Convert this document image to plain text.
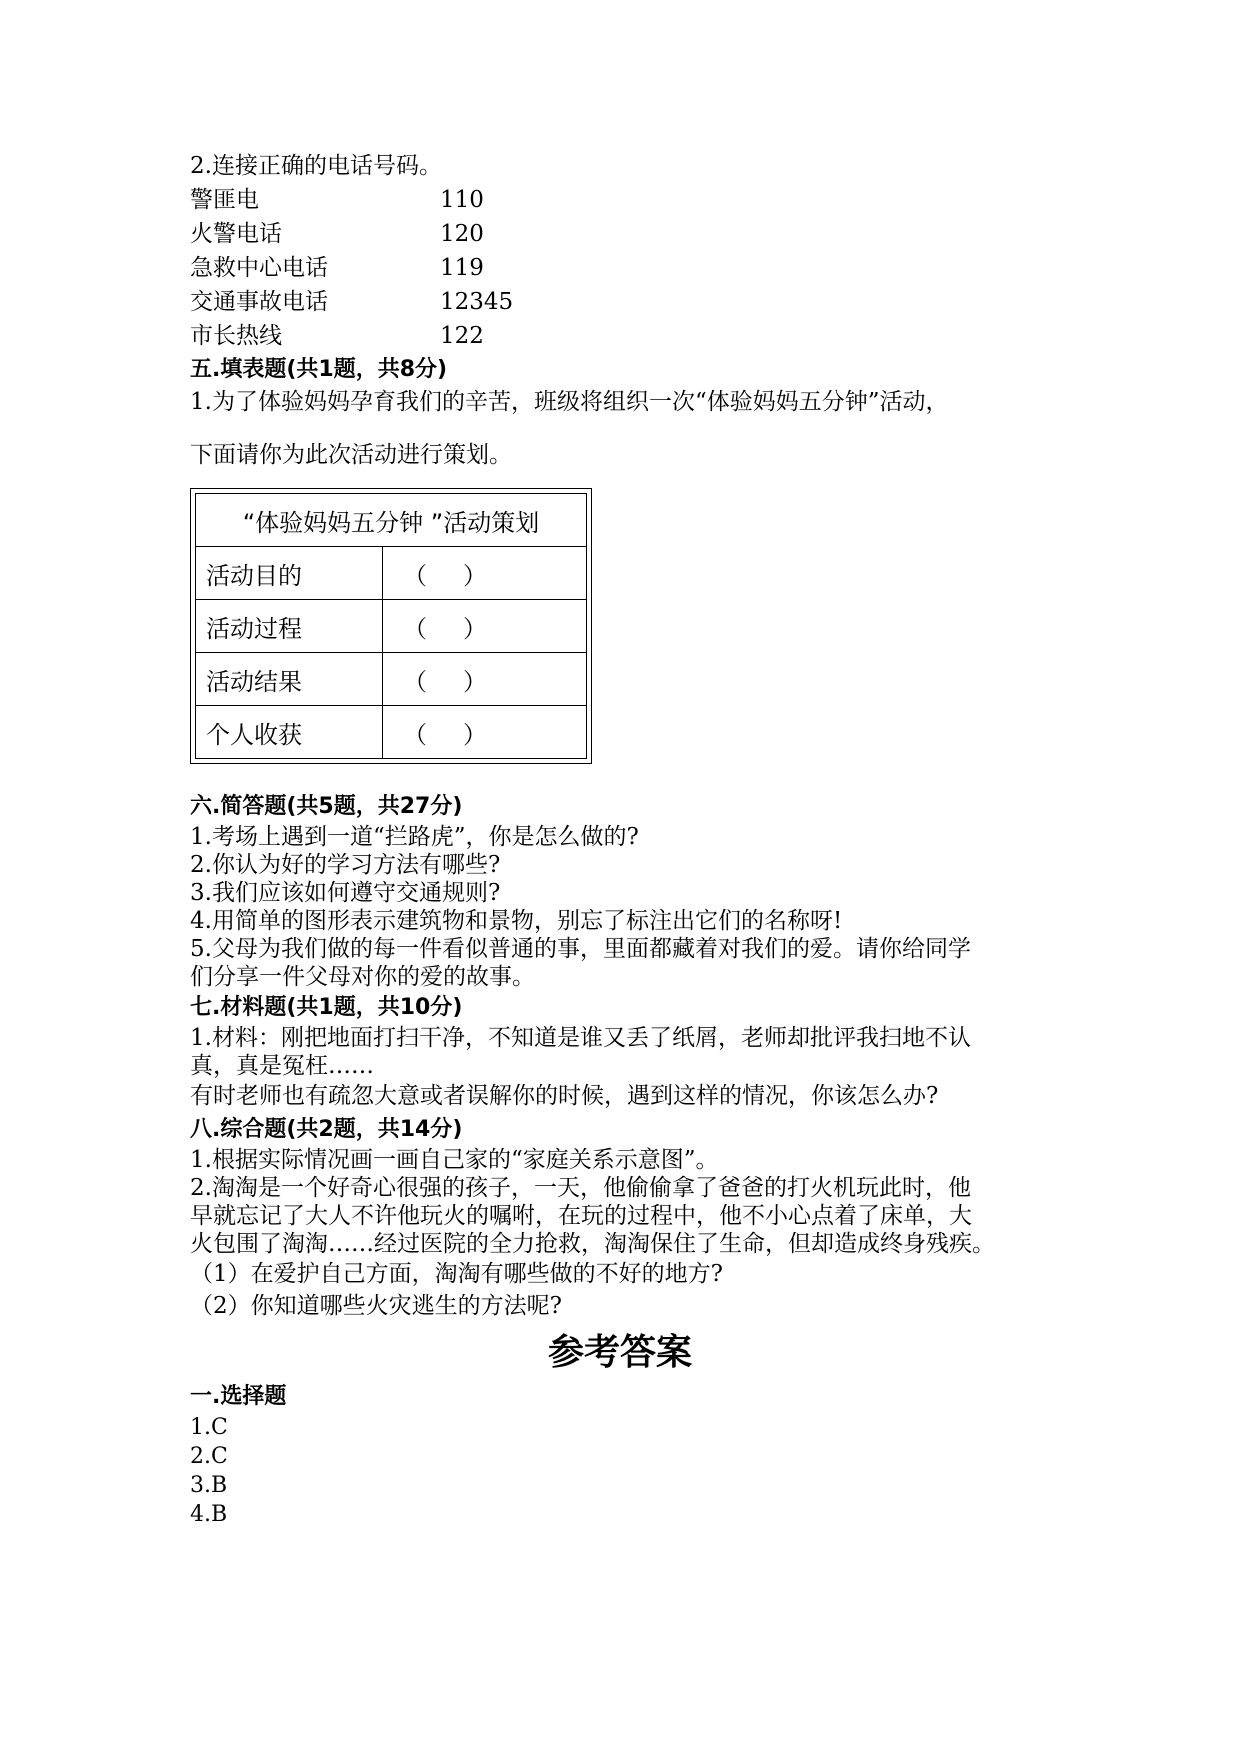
2.连接正确的电话号码。
警匪电	110
火警电话	120
急救中心电话	119
交通事故电话	12345
市长热线	122
五.填表题(共1题，共8分)
1.为了体验妈妈孕育我们的辛苦，班级将组织一次“体验妈妈五分钟”活动，
下面请你为此次活动进行策划。
“体验妈妈五分钟 ”活动策划	
活动目的	（　）
活动过程	（　）
活动结果	（　）
个人收获	（　）
六.简答题(共5题，共27分)
1.考场上遇到一道“拦路虎”，你是怎么做的?
2.你认为好的学习方法有哪些?
3.我们应该如何遵守交通规则?
4.用简单的图形表示建筑物和景物，别忘了标注出它们的名称呀!
5.父母为我们做的每一件看似普通的事，里面都藏着对我们的爱。请你给同学
们分享一件父母对你的爱的故事。
七.材料题(共1题，共10分)
1.材料：刚把地面打扫干净，不知道是谁又丢了纸屑，老师却批评我扫地不认
真，真是冤枉……
有时老师也有疏忽大意或者误解你的时候，遇到这样的情况，你该怎么办?
八.综合题(共2题，共14分)
1.根据实际情况画一画自己家的“家庭关系示意图”。
2.淘淘是一个好奇心很强的孩子，一天，他偷偷拿了爸爸的打火机玩此时，他
早就忘记了大人不许他玩火的嘱咐，在玩的过程中，他不小心点着了床单，大
火包围了淘淘……经过医院的全力抢救，淘淘保住了生命，但却造成终身残疾。
（1）在爱护自己方面，淘淘有哪些做的不好的地方?
（2）你知道哪些火灾逃生的方法呢?
参考答案
一.选择题
1.C
2.C
3.B
4.B
